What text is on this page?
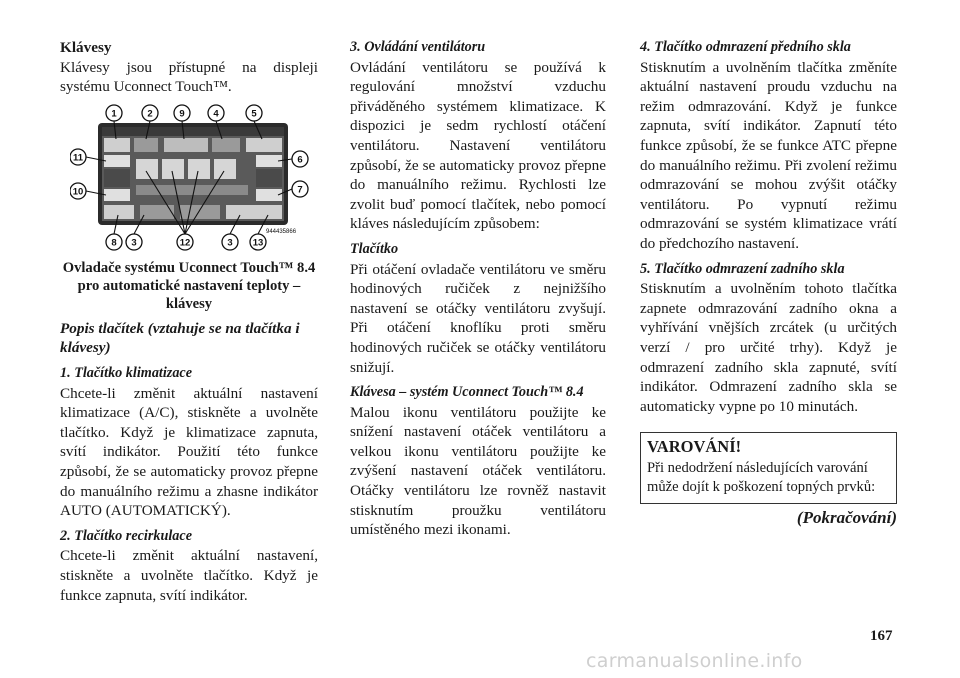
Klávesy

Klávesy jsou přístupné na displeji systému Uconnect Touch™.

1	2	9	4	5
11	6
10	7
8 3	12	3 13
944435866

Ovladače systému Uconnect Touch™ 8.4 pro automatické nastavení teploty – klávesy

Popis tlačítek (vztahuje se na tlačítka i klávesy)

1. Tlačítko klimatizace

Chcete-li změnit aktuální nastavení klimatizace (A/C), stiskněte a uvolněte tlačítko. Když je klimatizace zapnuta, svítí indikátor. Použití této funkce způsobí, že se automaticky provoz přepne do manuálního režimu a zhasne indikátor AUTO (AUTOMATICKÝ).

2. Tlačítko recirkulace

Chcete-li změnit aktuální nastavení, stiskněte a uvolněte tlačítko. Když je funkce zapnuta, svítí indikátor.

3. Ovládání ventilátoru

Ovládání ventilátoru se používá k regulování množství vzduchu přiváděného systémem klimatizace. K dispozici je sedm rychlostí otáčení ventilátoru. Nastavení ventilátoru způsobí, že se automaticky provoz přepne do manuálního režimu. Rychlosti lze zvolit buď pomocí tlačítek, nebo pomocí kláves následujícím způsobem:

Tlačítko

Při otáčení ovladače ventilátoru ve směru hodinových ručiček z nejnižšího nastavení se otáčky ventilátoru zvyšují. Při otáčení knoflíku proti směru hodinových ručiček se otáčky ventilátoru snižují.

Klávesa – systém Uconnect Touch™ 8.4

Malou ikonu ventilátoru použijte ke snížení nastavení otáček ventilátoru a velkou ikonu ventilátoru použijte ke zvýšení nastavení otáček ventilátoru. Otáčky ventilátoru lze rovněž nastavit stisknutím proužku ventilátoru umístěného mezi ikonami.

4. Tlačítko odmrazení předního skla

Stisknutím a uvolněním tlačítka změníte aktuální nastavení proudu vzduchu na režim odmrazování. Když je funkce zapnuta, svítí indikátor. Zapnutí této funkce způsobí, že se funkce ATC přepne do manuálního režimu. Při zvolení režimu odmrazování se mohou zvýšit otáčky ventilátoru. Po vypnutí režimu odmrazování se systém klimatizace vrátí do předchozího nastavení.

5. Tlačítko odmrazení zadního skla

Stisknutím a uvolněním tohoto tlačítka zapnete odmrazování zadního okna a vyhřívání vnějších zrcátek (u určitých verzí / pro určité trhy). Když je odmrazení zadního skla zapnuté, svítí indikátor. Odmrazení zadního skla se automaticky vypne po 10 minutách.

VAROVÁNÍ!

Při nedodržení následujících varování může dojít k poškození topných prvků:

(Pokračování)
167
carmanualsonline.info
